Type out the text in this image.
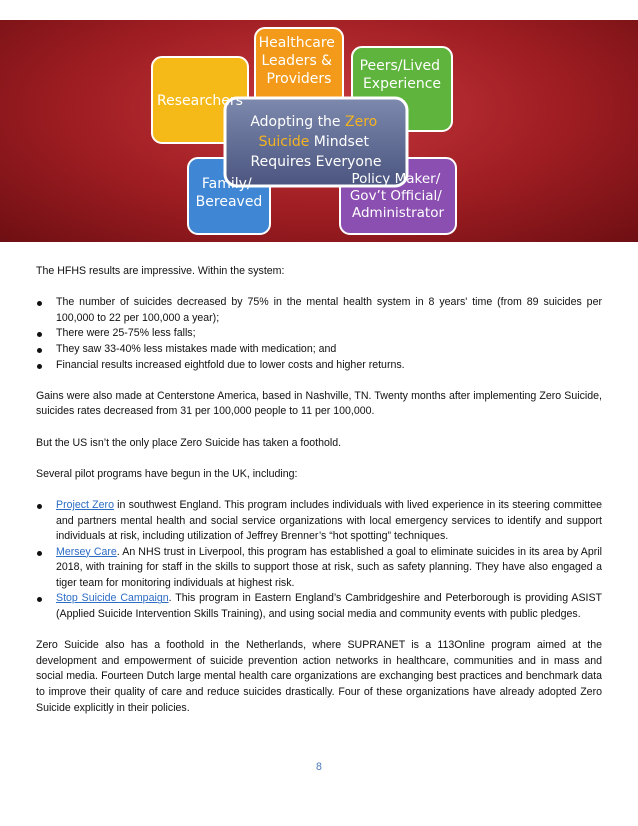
Researchers
Healthcare Leaders & Providers
Peers/Lived Experience
Family/ Bereaved
Policy Maker/ Gov’t Official/ Administrator
Adopting the Zero Suicide Mindset Requires Everyone

The HFHS results are impressive. Within the system:

The number of suicides decreased by 75% in the mental health system in 8 years' time (from 89 suicides per 100,000 to 22 per 100,000 a year);
There were 25-75% less falls;
They saw 33-40% less mistakes made with medication; and
Financial results increased eightfold due to lower costs and higher returns.

Gains were also made at Centerstone America, based in Nashville, TN. Twenty months after implementing Zero Suicide, suicides rates decreased from 31 per 100,000 people to 11 per 100,000.

But the US isn’t the only place Zero Suicide has taken a foothold.

Several pilot programs have begun in the UK, including:

Project Zero in southwest England. This program includes individuals with lived experience in its steering committee and partners mental health and social service organizations with local emergency services to identify and support individuals at risk, including utilization of Jeffrey Brenner’s “hot spotting” techniques.
Mersey Care. An NHS trust in Liverpool, this program has established a goal to eliminate suicides in its area by April 2018, with training for staff in the skills to support those at risk, such as safety planning. They have also engaged a tiger team for monitoring individuals at highest risk.
Stop Suicide Campaign. This program in Eastern England’s Cambridgeshire and Peterborough is providing ASIST (Applied Suicide Intervention Skills Training), and using social media and community events with public pledges.

Zero Suicide also has a foothold in the Netherlands, where SUPRANET is a 113Online program aimed at the development and empowerment of suicide prevention action networks in healthcare, communities and in mass and social media. Fourteen Dutch large mental health care organizations are exchanging best practices and benchmark data to improve their quality of care and reduce suicides drastically. Four of these organizations have already adopted Zero Suicide explicitly in their policies.

8
